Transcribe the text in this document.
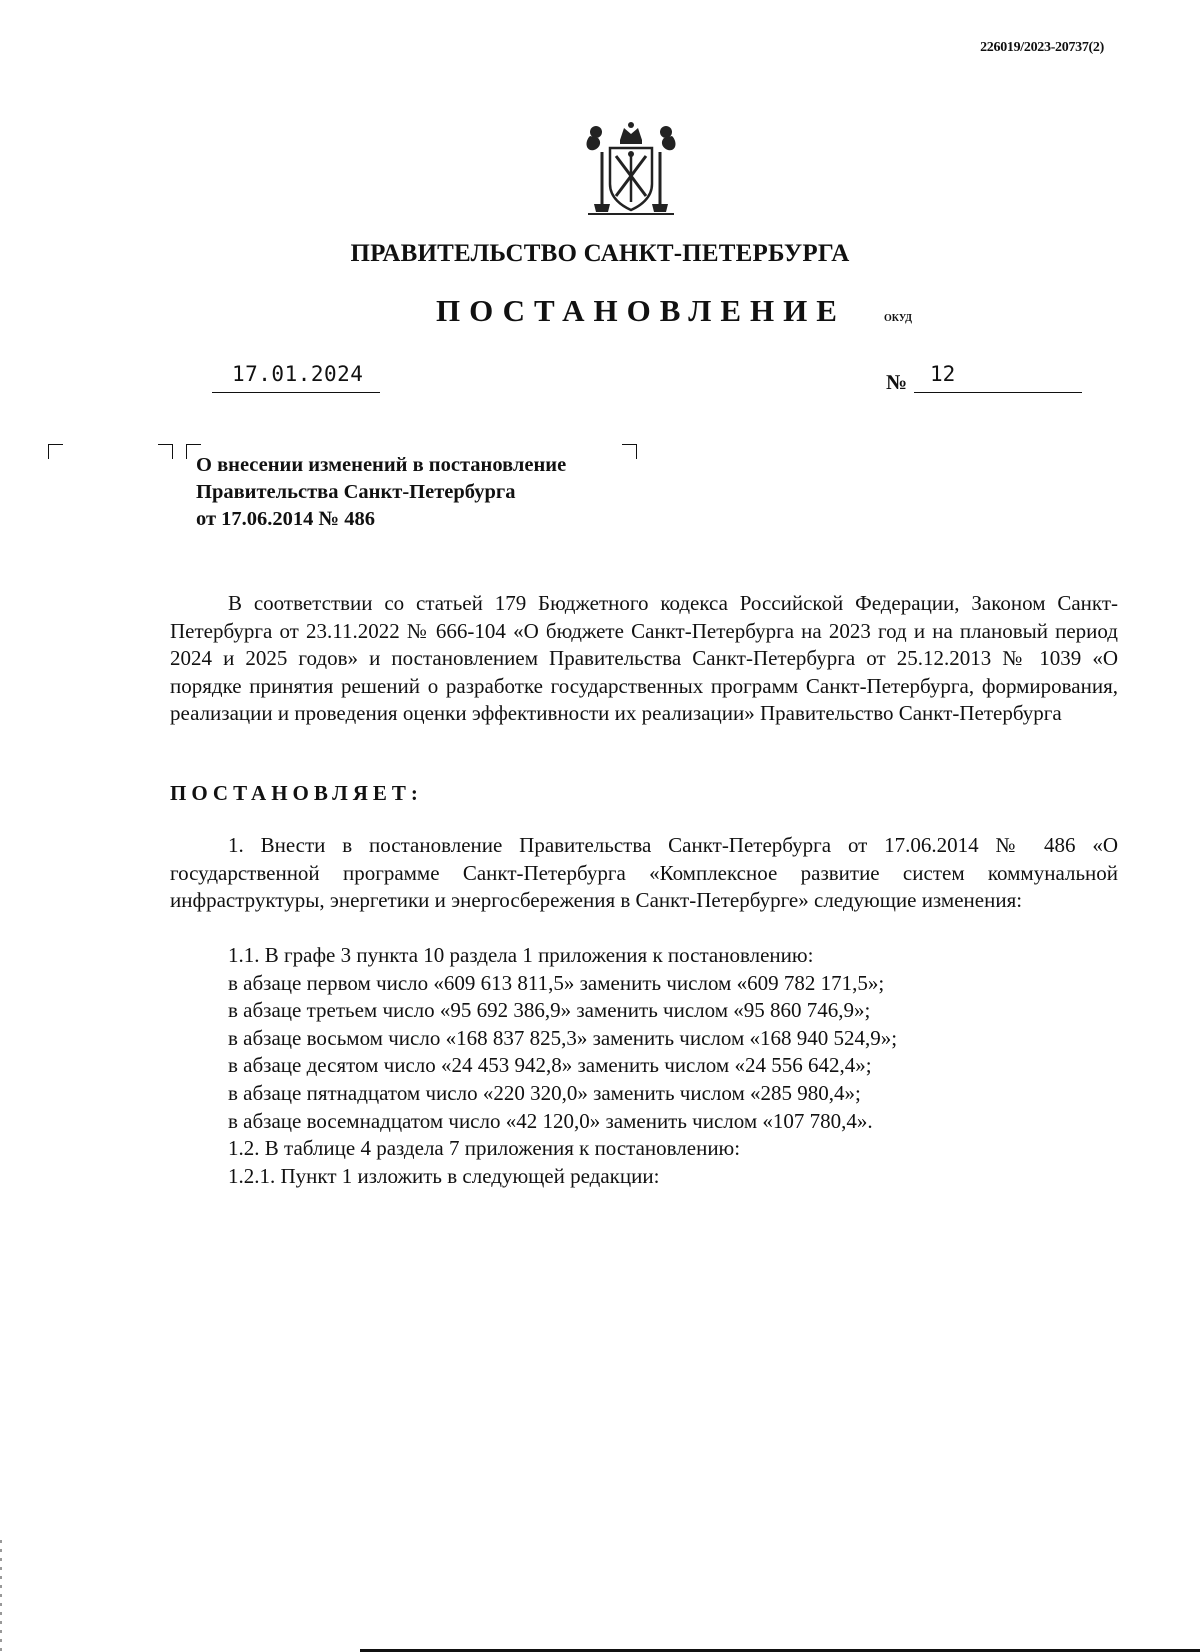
226019/2023-20737(2)
ПРАВИТЕЛЬСТВО САНКТ-ПЕТЕРБУРГА
ПОСТАНОВЛЕНИЕ	ОКУД
17.01.2024	№ 12
О внесении изменений в постановление
Правительства Санкт-Петербурга
от 17.06.2014 № 486
В соответствии со статьей 179 Бюджетного кодекса Российской Федерации, Законом Санкт-Петербурга от 23.11.2022 № 666-104 «О бюджете Санкт-Петербурга на 2023 год и на плановый период 2024 и 2025 годов» и постановлением Правительства Санкт-Петербурга от 25.12.2013 № 1039 «О порядке принятия решений о разработке государственных программ Санкт-Петербурга, формирования, реализации и проведения оценки эффективности их реализации» Правительство Санкт-Петербурга
ПОСТАНОВЛЯЕТ:
1. Внести в постановление Правительства Санкт-Петербурга от 17.06.2014 № 486 «О государственной программе Санкт-Петербурга «Комплексное развитие систем коммунальной инфраструктуры, энергетики и энергосбережения в Санкт-Петербурге» следующие изменения:
1.1. В графе 3 пункта 10 раздела 1 приложения к постановлению:
в абзаце первом число «609 613 811,5» заменить числом «609 782 171,5»;
в абзаце третьем число «95 692 386,9» заменить числом «95 860 746,9»;
в абзаце восьмом число «168 837 825,3» заменить числом «168 940 524,9»;
в абзаце десятом число «24 453 942,8» заменить числом «24 556 642,4»;
в абзаце пятнадцатом число «220 320,0» заменить числом «285 980,4»;
в абзаце восемнадцатом число «42 120,0» заменить числом «107 780,4».
1.2. В таблице 4 раздела 7 приложения к постановлению:
1.2.1. Пункт 1 изложить в следующей редакции:
